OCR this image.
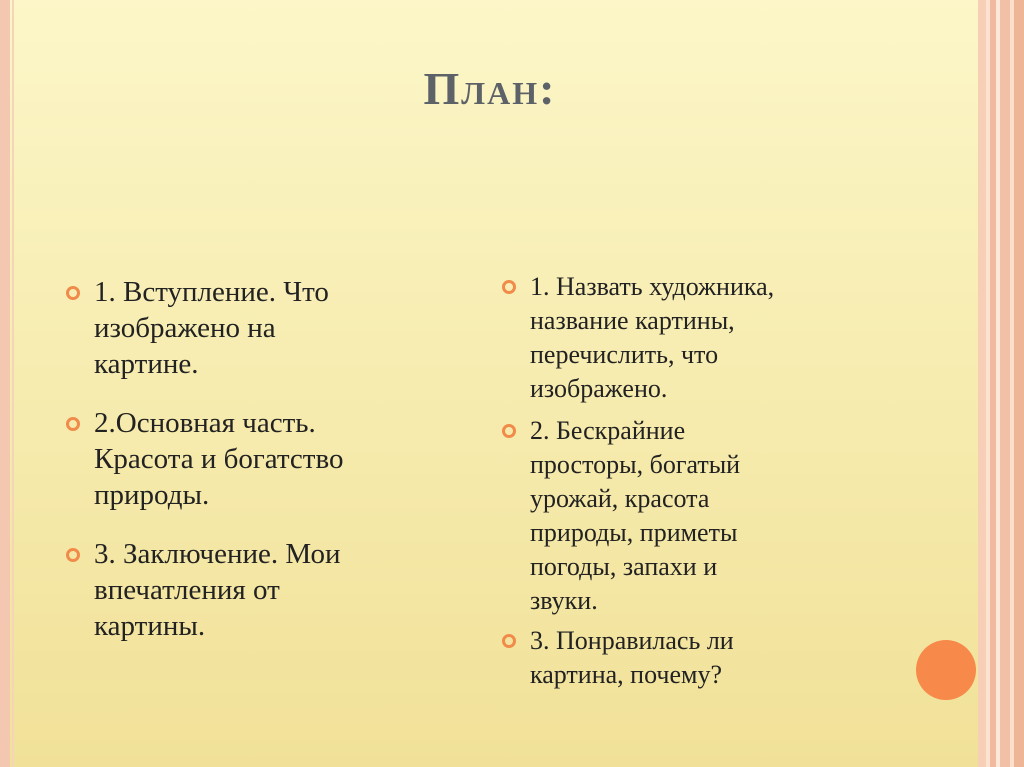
План:
1. Вступление. Что
изображено на
картине.
2.Основная часть.
Красота и богатство
природы.
3. Заключение. Мои
впечатления от
картины.
1. Назвать художника,
название картины,
перечислить, что
изображено.
2. Бескрайние
просторы, богатый
урожай, красота
природы, приметы
погоды, запахи и
звуки.
3. Понравилась ли
картина, почему?
